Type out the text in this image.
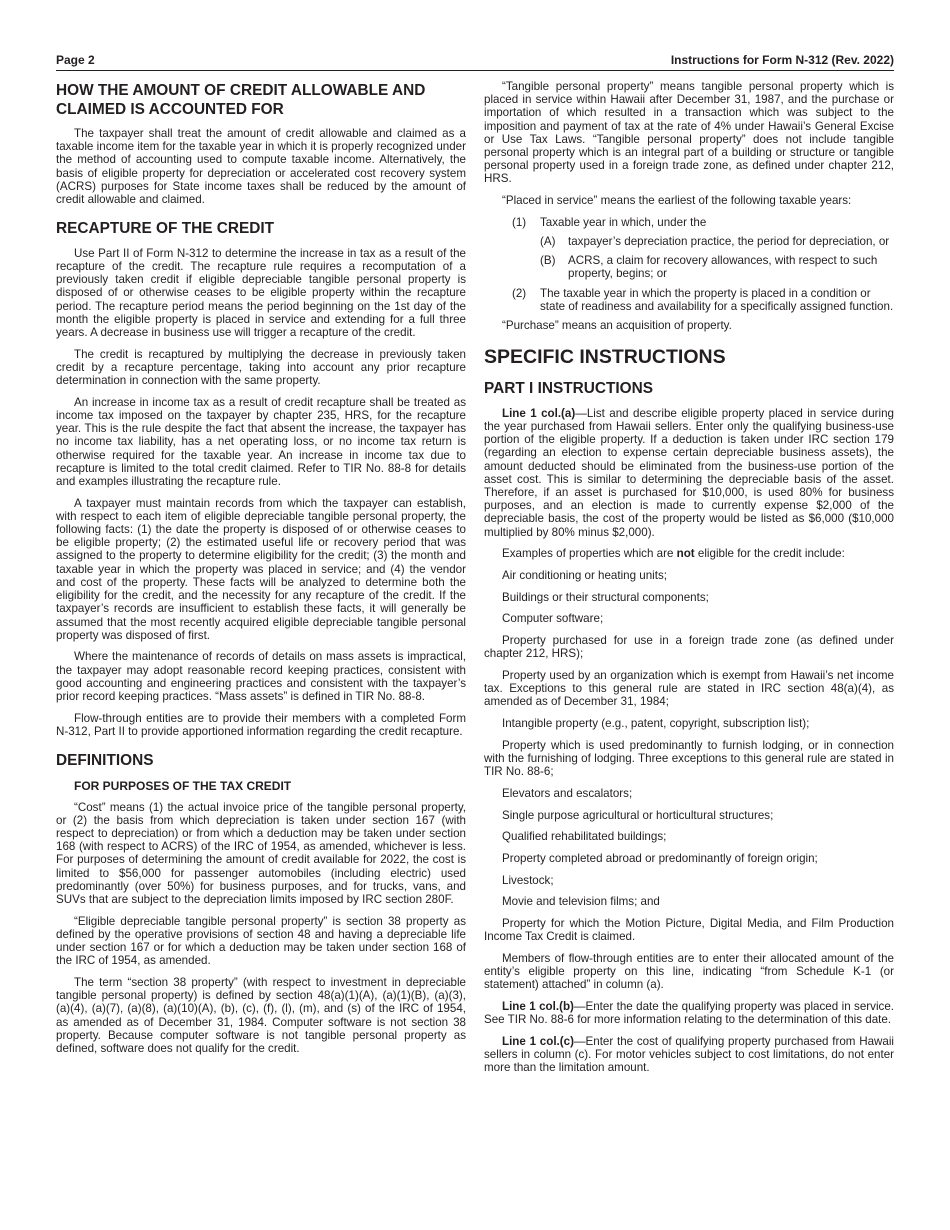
Page 2	Instructions for Form N-312 (Rev. 2022)
HOW THE AMOUNT OF CREDIT ALLOWABLE AND CLAIMED IS ACCOUNTED FOR

The taxpayer shall treat the amount of credit allowable and claimed as a taxable income item for the taxable year in which it is properly recognized under the method of accounting used to compute taxable income. Alternatively, the basis of eligible property for depreciation or accelerated cost recovery system (ACRS) purposes for State income taxes shall be reduced by the amount of credit allowable and claimed.

RECAPTURE OF THE CREDIT

Use Part II of Form N-312 to determine the increase in tax as a result of the recapture of the credit. The recapture rule requires a recomputation of a previously taken credit if eligible depreciable tangible personal property is disposed of or otherwise ceases to be eligible property within the recapture period. The recapture period means the period beginning on the 1st day of the month the eligible property is placed in service and extending for a full three years. A decrease in business use will trigger a recapture of the credit.

The credit is recaptured by multiplying the decrease in previously taken credit by a recapture percentage, taking into account any prior recapture determination in connection with the same property.

An increase in income tax as a result of credit recapture shall be treated as income tax imposed on the taxpayer by chapter 235, HRS, for the recapture year. This is the rule despite the fact that absent the increase, the taxpayer has no income tax liability, has a net operating loss, or no income tax return is otherwise required for the taxable year. An increase in income tax due to recapture is limited to the total credit claimed. Refer to TIR No. 88-8 for details and examples illustrating the recapture rule.

A taxpayer must maintain records from which the taxpayer can establish, with respect to each item of eligible depreciable tangible personal property, the following facts: (1) the date the property is disposed of or otherwise ceases to be eligible property; (2) the estimated useful life or recovery period that was assigned to the property to determine eligibility for the credit; (3) the month and taxable year in which the property was placed in service; and (4) the vendor and cost of the property. These facts will be analyzed to determine both the eligibility for the credit, and the necessity for any recapture of the credit. If the taxpayer’s records are insufficient to establish these facts, it will generally be assumed that the most recently acquired eligible depreciable tangible personal property was disposed of first.

Where the maintenance of records of details on mass assets is impractical, the taxpayer may adopt reasonable record keeping practices, consistent with good accounting and engineering practices and consistent with the taxpayer’s prior record keeping practices. “Mass assets” is defined in TIR No. 88-8.

Flow-through entities are to provide their members with a completed Form N-312, Part II to provide apportioned information regarding the credit recapture.

DEFINITIONS
FOR PURPOSES OF THE TAX CREDIT

“Cost” means (1) the actual invoice price of the tangible personal property, or (2) the basis from which depreciation is taken under section 167 (with respect to depreciation) or from which a deduction may be taken under section 168 (with respect to ACRS) of the IRC of 1954, as amended, whichever is less. For purposes of determining the amount of credit available for 2022, the cost is limited to $56,000 for passenger automobiles (including electric) used predominantly (over 50%) for business purposes, and for trucks, vans, and SUVs that are subject to the depreciation limits imposed by IRC section 280F.

“Eligible depreciable tangible personal property” is section 38 property as defined by the operative provisions of section 48 and having a depreciable life under section 167 or for which a deduction may be taken under section 168 of the IRC of 1954, as amended.

The term “section 38 property” (with respect to investment in depreciable tangible personal property) is defined by section 48(a)(1)(A), (a)(1)(B), (a)(3), (a)(4), (a)(7), (a)(8), (a)(10)(A), (b), (c), (f), (l), (m), and (s) of the IRC of 1954, as amended as of December 31, 1984. Computer software is not section 38 property. Because computer software is not tangible personal property as defined, software does not qualify for the credit.

“Tangible personal property” means tangible personal property which is placed in service within Hawaii after December 31, 1987, and the purchase or importation of which resulted in a transaction which was subject to the imposition and payment of tax at the rate of 4% under Hawaii’s General Excise or Use Tax Laws. “Tangible personal property” does not include tangible personal property which is an integral part of a building or structure or tangible personal property used in a foreign trade zone, as defined under chapter 212, HRS.

“Placed in service” means the earliest of the following taxable years:

(1)	Taxable year in which, under the
(A)	taxpayer’s depreciation practice, the period for depreciation, or
(B)	ACRS, a claim for recovery allowances, with respect to such property, begins; or
(2)	The taxable year in which the property is placed in a condition or state of readiness and availability for a specifically assigned function.

“Purchase” means an acquisition of property.

SPECIFIC INSTRUCTIONS
PART I INSTRUCTIONS

Line 1 col.(a)—List and describe eligible property placed in service during the year purchased from Hawaii sellers. Enter only the qualifying business-use portion of the eligible property. If a deduction is taken under IRC section 179 (regarding an election to expense certain depreciable business assets), the amount deducted should be eliminated from the business-use portion of the asset cost. This is similar to determining the depreciable basis of the asset. Therefore, if an asset is purchased for $10,000, is used 80% for business purposes, and an election is made to currently expense $2,000 of the depreciable basis, the cost of the property would be listed as $6,000 ($10,000 multiplied by 80% minus $2,000).

Examples of properties which are not eligible for the credit include:

Air conditioning or heating units;

Buildings or their structural components;

Computer software;

Property purchased for use in a foreign trade zone (as defined under chapter 212, HRS);

Property used by an organization which is exempt from Hawaii’s net income tax. Exceptions to this general rule are stated in IRC section 48(a)(4), as amended as of December 31, 1984;

Intangible property (e.g., patent, copyright, subscription list);

Property which is used predominantly to furnish lodging, or in connection with the furnishing of lodging. Three exceptions to this general rule are stated in TIR No. 88-6;

Elevators and escalators;

Single purpose agricultural or horticultural structures;

Qualified rehabilitated buildings;

Property completed abroad or predominantly of foreign origin;

Livestock;

Movie and television films; and

Property for which the Motion Picture, Digital Media, and Film Production Income Tax Credit is claimed.

Members of flow-through entities are to enter their allocated amount of the entity’s eligible property on this line, indicating “from Schedule K-1 (or statement) attached” in column (a).

Line 1 col.(b)—Enter the date the qualifying property was placed in service. See TIR No. 88-6 for more information relating to the determination of this date.

Line 1 col.(c)—Enter the cost of qualifying property purchased from Hawaii sellers in column (c). For motor vehicles subject to cost limitations, do not enter more than the limitation amount.
